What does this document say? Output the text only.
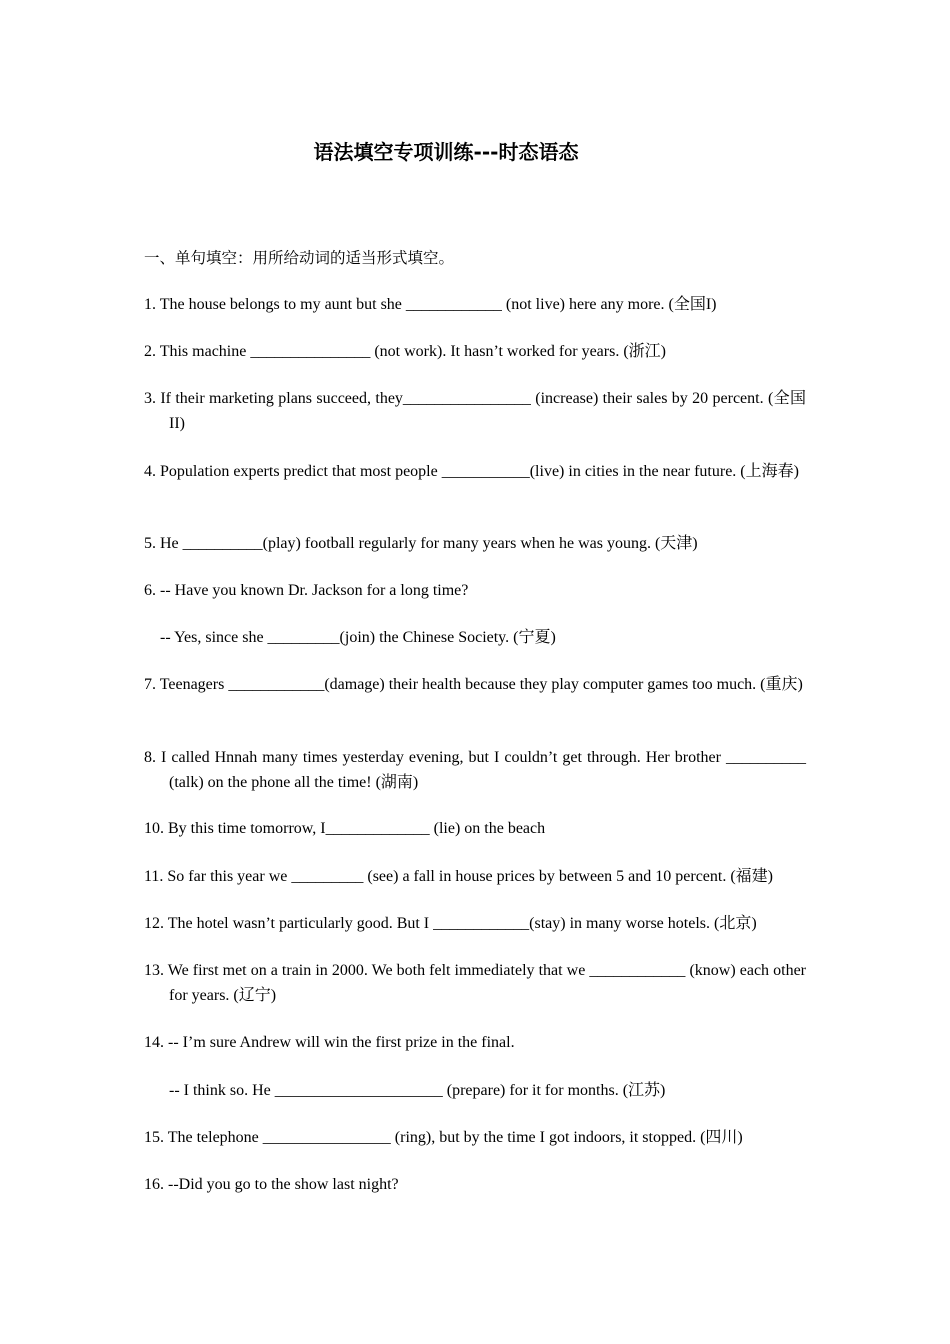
语法填空专项训练---时态语态
一、单句填空：用所给动词的适当形式填空。
1. The house belongs to my aunt but she ____________ (not live) here any more. (全国I)
2. This machine _______________ (not work). It hasn’t worked for years. (浙江)
3. If their marketing plans succeed, they________________ (increase) their sales by 20 percent. (全国II)
4. Population experts predict that most people ___________(live) in cities in the near future. (上海春)
5. He __________(play) football regularly for many years when he was young. (天津)
6. -- Have you known Dr. Jackson for a long time?
-- Yes, since she _________(join) the Chinese Society. (宁夏)
7. Teenagers ____________(damage) their health because they play computer games too much. (重庆)
8. I called Hnnah many times yesterday evening, but I couldn’t get through. Her brother __________ (talk) on the phone all the time! (湖南)
10. By this time tomorrow, I_____________ (lie) on the beach
11. So far this year we _________ (see) a fall in house prices by between 5 and 10 percent. (福建)
12. The hotel wasn’t particularly good. But I ____________(stay) in many worse hotels. (北京)
13. We first met on a train in 2000. We both felt immediately that we ____________ (know) each other for years. (辽宁)
14. -- I’m sure Andrew will win the first prize in the final.
-- I think so. He _____________________ (prepare) for it for months. (江苏)
15. The telephone ________________ (ring), but by the time I got indoors, it stopped. (四川)
16. --Did you go to the show last night?
